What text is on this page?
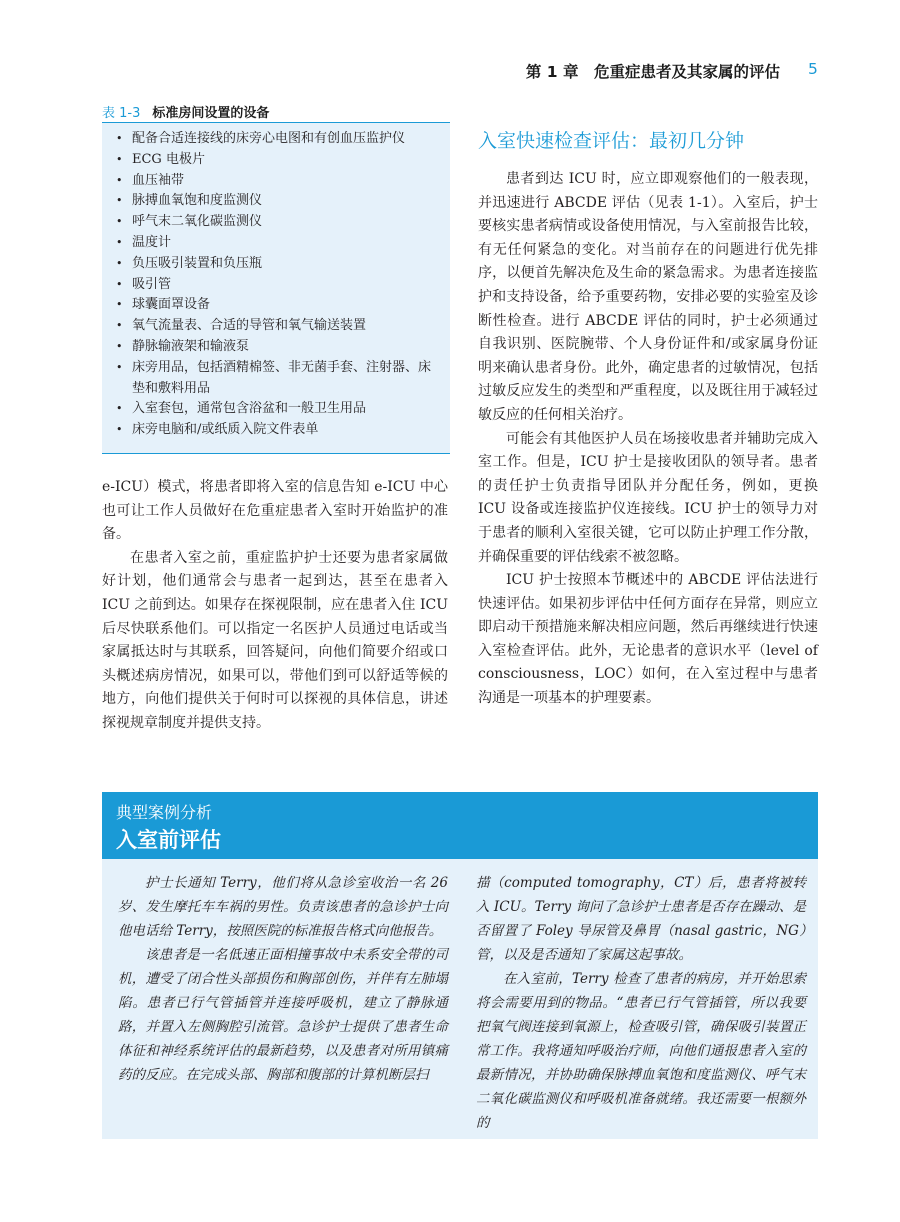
第 1 章　危重症患者及其家属的评估 5
表 1-3 标准房间设置的设备
• 配备合适连接线的床旁心电图和有创血压监护仪
• ECG 电极片
• 血压袖带
• 脉搏血氧饱和度监测仪
• 呼气末二氧化碳监测仪
• 温度计
• 负压吸引装置和负压瓶
• 吸引管
• 球囊面罩设备
• 氧气流量表、合适的导管和氧气输送装置
• 静脉输液架和输液泵
• 床旁用品，包括酒精棉签、非无菌手套、注射器、床垫和敷料用品
• 入室套包，通常包含浴盆和一般卫生用品
• 床旁电脑和/或纸质入院文件表单

e-ICU）模式，将患者即将入室的信息告知 e-ICU 中心也可让工作人员做好在危重症患者入室时开始监护的准备。

在患者入室之前，重症监护护士还要为患者家属做好计划，他们通常会与患者一起到达，甚至在患者入 ICU 之前到达。如果存在探视限制，应在患者入住 ICU 后尽快联系他们。可以指定一名医护人员通过电话或当家属抵达时与其联系，回答疑问，向他们简要介绍或口头概述病房情况，如果可以，带他们到可以舒适等候的地方，向他们提供关于何时可以探视的具体信息，讲述探视规章制度并提供支持。

入室快速检查评估：最初几分钟

患者到达 ICU 时，应立即观察他们的一般表现，并迅速进行 ABCDE 评估（见表 1-1）。入室后，护士要核实患者病情或设备使用情况，与入室前报告比较，有无任何紧急的变化。对当前存在的问题进行优先排序，以便首先解决危及生命的紧急需求。为患者连接监护和支持设备，给予重要药物，安排必要的实验室及诊断性检查。进行 ABCDE 评估的同时，护士必须通过自我识别、医院腕带、个人身份证件和/或家属身份证明来确认患者身份。此外，确定患者的过敏情况，包括过敏反应发生的类型和严重程度，以及既往用于减轻过敏反应的任何相关治疗。

可能会有其他医护人员在场接收患者并辅助完成入室工作。但是，ICU 护士是接收团队的领导者。患者的责任护士负责指导团队并分配任务，例如，更换 ICU 设备或连接监护仪连接线。ICU 护士的领导力对于患者的顺利入室很关键，它可以防止护理工作分散，并确保重要的评估线索不被忽略。

ICU 护士按照本节概述中的 ABCDE 评估法进行快速评估。如果初步评估中任何方面存在异常，则应立即启动干预措施来解决相应问题，然后再继续进行快速入室检查评估。此外，无论患者的意识水平（level of consciousness，LOC）如何，在入室过程中与患者沟通是一项基本的护理要素。

典型案例分析
入室前评估

护士长通知 Terry，他们将从急诊室收治一名 26 岁、发生摩托车车祸的男性。负责该患者的急诊护士向他电话给 Terry，按照医院的标准报告格式向他报告。

该患者是一名低速正面相撞事故中未系安全带的司机，遭受了闭合性头部损伤和胸部创伤，并伴有左肺塌陷。患者已行气管插管并连接呼吸机，建立了静脉通路，并置入左侧胸腔引流管。急诊护士提供了患者生命体征和神经系统评估的最新趋势，以及患者对所用镇痛药的反应。在完成头部、胸部和腹部的计算机断层扫

描（computed tomography，CT）后，患者将被转入 ICU。Terry 询问了急诊护士患者是否存在躁动、是否留置了 Foley 导尿管及鼻胃（nasal gastric，NG）管，以及是否通知了家属这起事故。

在入室前，Terry 检查了患者的病房，并开始思索将会需要用到的物品。“患者已行气管插管，所以我要把氧气阀连接到氧源上，检查吸引管，确保吸引装置正常工作。我将通知呼吸治疗师，向他们通报患者入室的最新情况，并协助确保脉搏血氧饱和度监测仪、呼气末二氧化碳监测仪和呼吸机准备就绪。我还需要一根额外的
